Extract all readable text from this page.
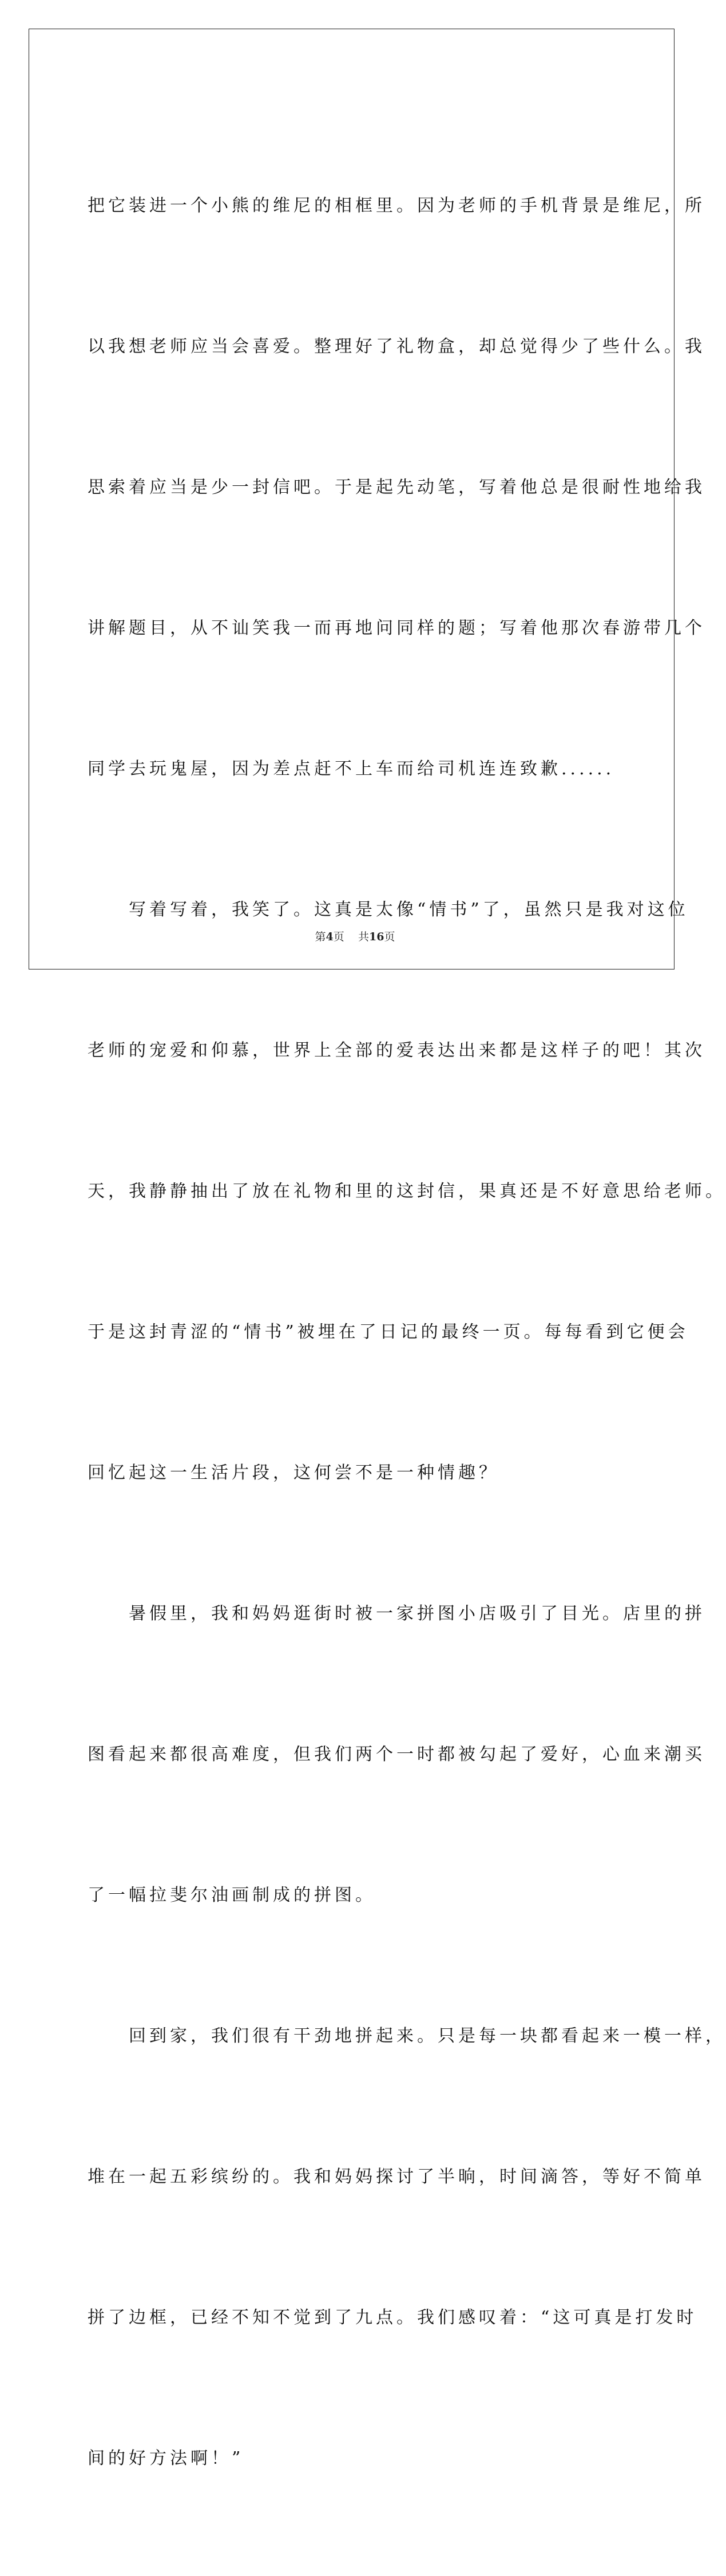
把它装进一个小熊的维尼的相框里。因为老师的手机背景是维尼，所

以我想老师应当会喜爱。整理好了礼物盒，却总觉得少了些什么。我

思索着应当是少一封信吧。于是起先动笔，写着他总是很耐性地给我

讲解题目，从不讪笑我一而再地问同样的题；写着他那次春游带几个

同学去玩鬼屋，因为差点赶不上车而给司机连连致歉......

　　写着写着，我笑了。这真是太像“情书”了，虽然只是我对这位

老师的宠爱和仰慕，世界上全部的爱表达出来都是这样子的吧！其次

天，我静静抽出了放在礼物和里的这封信，果真还是不好意思给老师。

于是这封青涩的“情书”被埋在了日记的最终一页。每每看到它便会

回忆起这一生活片段，这何尝不是一种情趣？

　　暑假里，我和妈妈逛街时被一家拼图小店吸引了目光。店里的拼

图看起来都很高难度，但我们两个一时都被勾起了爱好，心血来潮买

了一幅拉斐尔油画制成的拼图。

　　回到家，我们很有干劲地拼起来。只是每一块都看起来一模一样，

堆在一起五彩缤纷的。我和妈妈探讨了半晌，时间滴答，等好不简单

拼了边框，已经不知不觉到了九点。我们感叹着：“这可真是打发时

间的好方法啊！”

第4页 共16页
